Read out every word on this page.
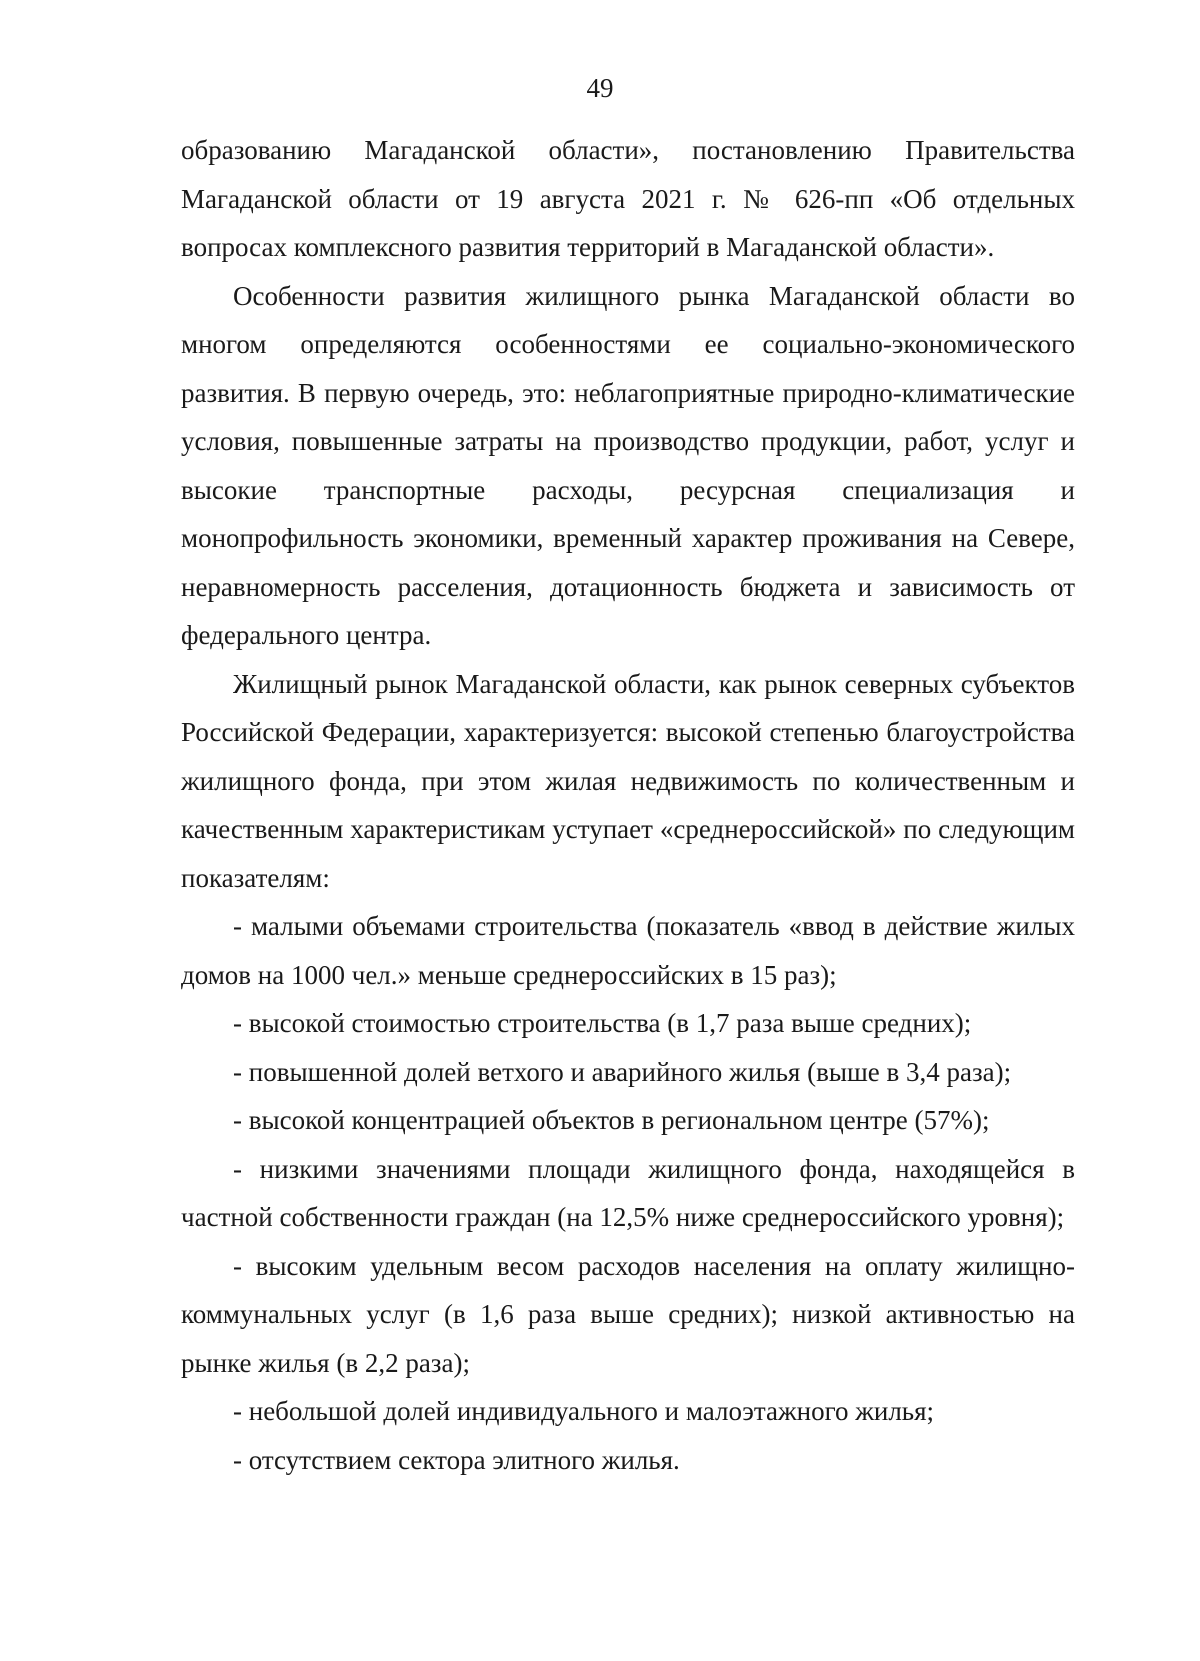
49

образованию Магаданской области», постановлению Правительства Магаданской области от 19 августа 2021 г. № 626-пп «Об отдельных вопросах комплексного развития территорий в Магаданской области».

Особенности развития жилищного рынка Магаданской области во многом определяются особенностями ее социально-экономического развития. В первую очередь, это: неблагоприятные природно-климатические условия, повышенные затраты на производство продукции, работ, услуг и высокие транспортные расходы, ресурсная специализация и монопрофильность экономики, временный характер проживания на Севере, неравномерность расселения, дотационность бюджета и зависимость от федерального центра.

Жилищный рынок Магаданской области, как рынок северных субъектов Российской Федерации, характеризуется: высокой степенью благоустройства жилищного фонда, при этом жилая недвижимость по количественным и качественным характеристикам уступает «среднероссийской» по следующим показателям:

- малыми объемами строительства (показатель «ввод в действие жилых домов на 1000 чел.» меньше среднероссийских в 15 раз);

- высокой стоимостью строительства (в 1,7 раза выше средних);

- повышенной долей ветхого и аварийного жилья (выше в 3,4 раза);

- высокой концентрацией объектов в региональном центре (57%);

- низкими значениями площади жилищного фонда, находящейся в частной собственности граждан (на 12,5% ниже среднероссийского уровня);

- высоким удельным весом расходов населения на оплату жилищно-коммунальных услуг (в 1,6 раза выше средних); низкой активностью на рынке жилья (в 2,2 раза);

- небольшой долей индивидуального и малоэтажного жилья;

- отсутствием сектора элитного жилья.
